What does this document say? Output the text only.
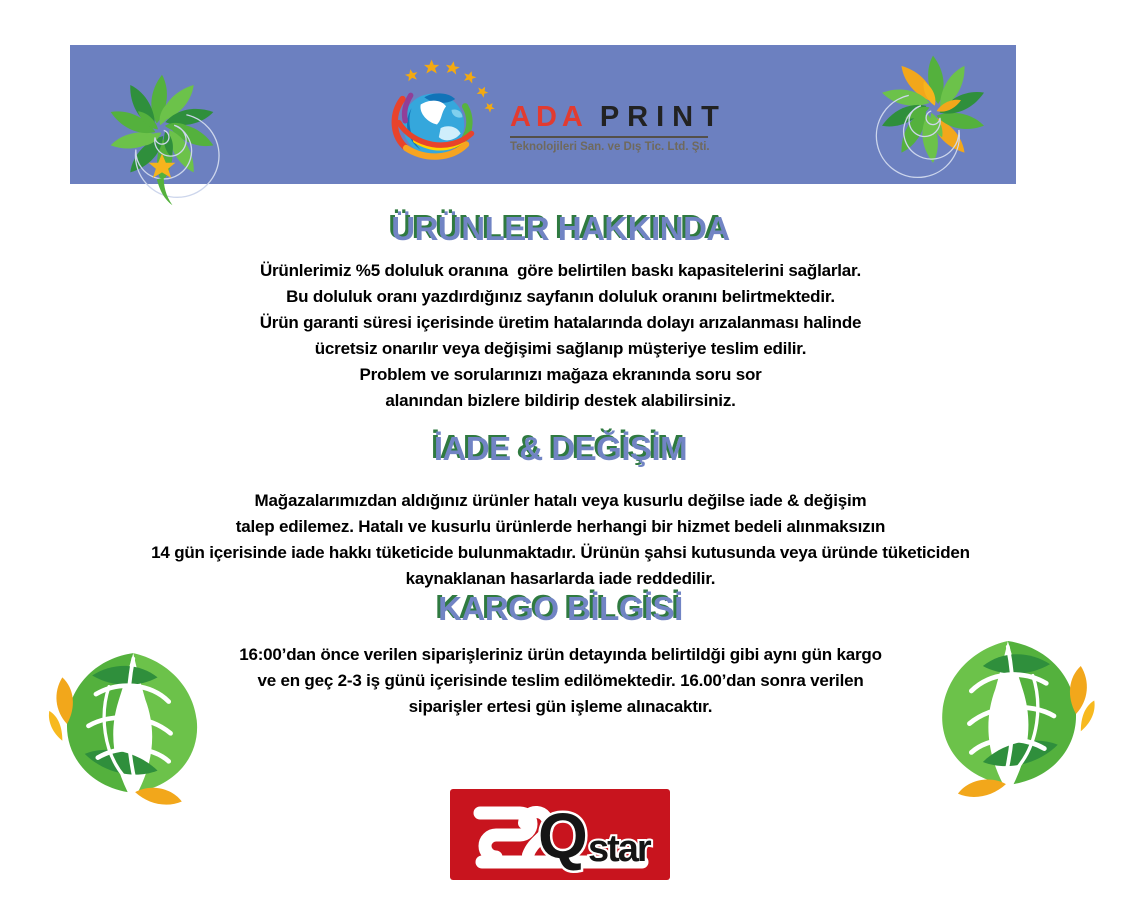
ADA PRINT
Teknolojileri San. ve Dış Tic. Ltd. Şti.
ÜRÜNLER HAKKINDA
Ürünlerimiz %5 doluluk oranına  göre belirtilen baskı kapasitelerini sağlarlar.
Bu doluluk oranı yazdırdığınız sayfanın doluluk oranını belirtmektedir.
Ürün garanti süresi içerisinde üretim hatalarında dolayı arızalanması halinde
ücretsiz onarılır veya değişimi sağlanıp müşteriye teslim edilir.
Problem ve sorularınızı mağaza ekranında soru sor
alanından bizlere bildirip destek alabilirsiniz.
İADE & DEĞİŞİM
Mağazalarımızdan aldığınız ürünler hatalı veya kusurlu değilse iade & değişim
talep edilemez. Hatalı ve kusurlu ürünlerde herhangi bir hizmet bedeli alınmaksızın
14 gün içerisinde iade hakkı tüketicide bulunmaktadır. Ürünün şahsi kutusunda veya üründe tüketiciden
kaynaklanan hasarlarda iade reddedilir.
KARGO BİLGİSİ
16:00’dan önce verilen siparişleriniz ürün detayında belirtildği gibi aynı gün kargo
ve en geç 2-3 iş günü içerisinde teslim edilömektedir. 16.00’dan sonra verilen
siparişler ertesi gün işleme alınacaktır.
Q star
